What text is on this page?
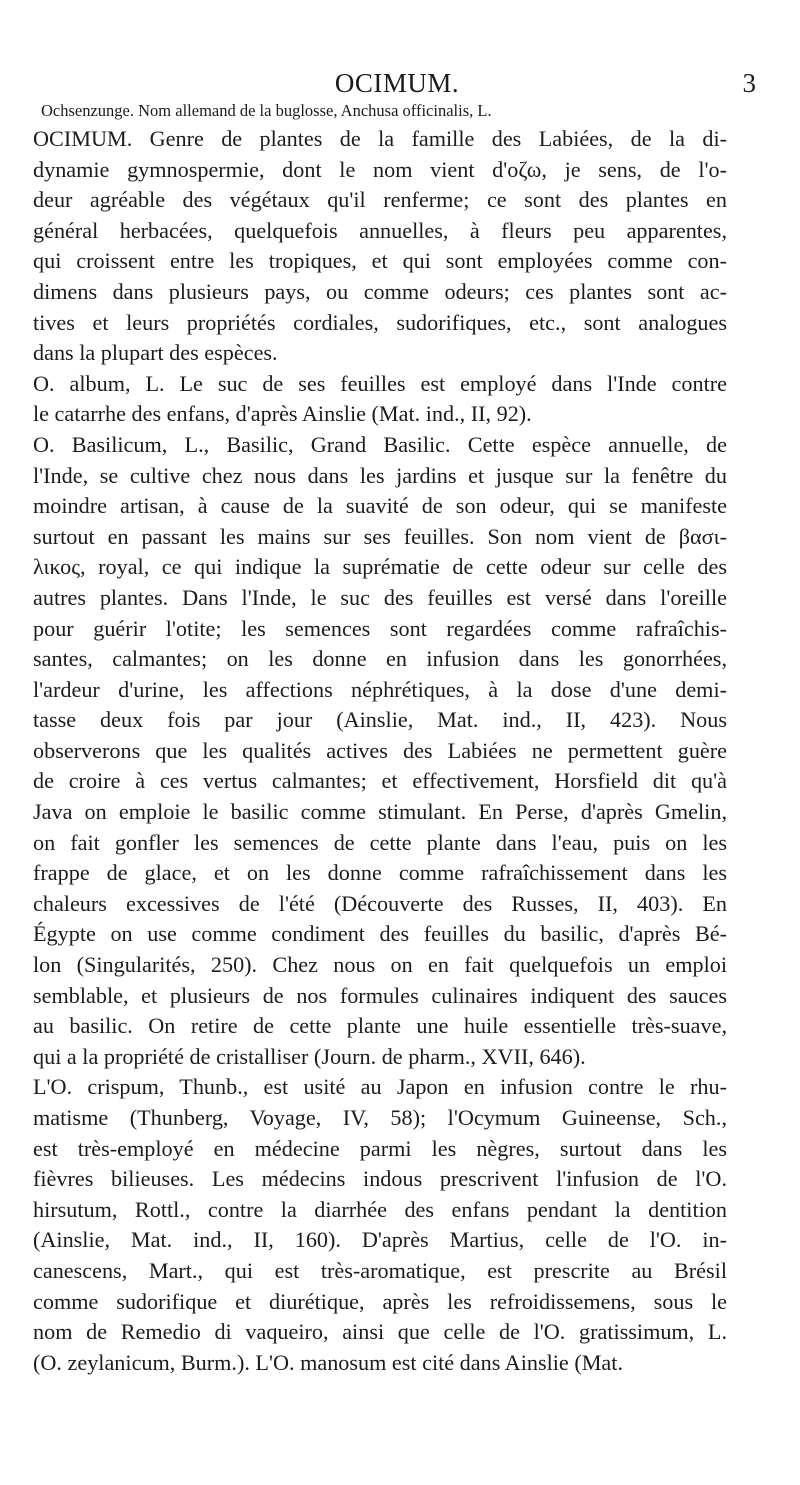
OCIMUM.	3
Ochsenzunge. Nom allemand de la buglosse, Anchusa officinalis, L.
OCIMUM. Genre de plantes de la famille des Labiées, de la di-
dynamie gymnospermie, dont le nom vient d'οζω, je sens, de l'o-
deur agréable des végétaux qu'il renferme; ce sont des plantes en
général herbacées, quelquefois annuelles, à fleurs peu apparentes,
qui croissent entre les tropiques, et qui sont employées comme con-
dimens dans plusieurs pays, ou comme odeurs; ces plantes sont ac-
tives et leurs propriétés cordiales, sudorifiques, etc., sont analogues
dans la plupart des espèces.
O. album, L. Le suc de ses feuilles est employé dans l'Inde contre
le catarrhe des enfans, d'après Ainslie (Mat. ind., II, 92).
O. Basilicum, L., Basilic, Grand Basilic. Cette espèce annuelle, de
l'Inde, se cultive chez nous dans les jardins et jusque sur la fenêtre du
moindre artisan, à cause de la suavité de son odeur, qui se manifeste
surtout en passant les mains sur ses feuilles. Son nom vient de βασι-
λικος, royal, ce qui indique la suprématie de cette odeur sur celle des
autres plantes. Dans l'Inde, le suc des feuilles est versé dans l'oreille
pour guérir l'otite; les semences sont regardées comme rafraîchis-
santes, calmantes; on les donne en infusion dans les gonorrhées,
l'ardeur d'urine, les affections néphrétiques, à la dose d'une demi-
tasse deux fois par jour (Ainslie, Mat. ind., II, 423). Nous
observerons que les qualités actives des Labiées ne permettent guère
de croire à ces vertus calmantes; et effectivement, Horsfield dit qu'à
Java on emploie le basilic comme stimulant. En Perse, d'après Gmelin,
on fait gonfler les semences de cette plante dans l'eau, puis on les
frappe de glace, et on les donne comme rafraîchissement dans les
chaleurs excessives de l'été (Découverte des Russes, II, 403). En
Égypte on use comme condiment des feuilles du basilic, d'après Bé-
lon (Singularités, 250). Chez nous on en fait quelquefois un emploi
semblable, et plusieurs de nos formules culinaires indiquent des sauces
au basilic. On retire de cette plante une huile essentielle très-suave,
qui a la propriété de cristalliser (Journ. de pharm., XVII, 646).
L'O. crispum, Thunb., est usité au Japon en infusion contre le rhu-
matisme (Thunberg, Voyage, IV, 58); l'Ocymum Guineense, Sch.,
est très-employé en médecine parmi les nègres, surtout dans les
fièvres bilieuses. Les médecins indous prescrivent l'infusion de l'O.
hirsutum, Rottl., contre la diarrhée des enfans pendant la dentition
(Ainslie, Mat. ind., II, 160). D'après Martius, celle de l'O. in-
canescens, Mart., qui est très-aromatique, est prescrite au Brésil
comme sudorifique et diurétique, après les refroidissemens, sous le
nom de Remedio di vaqueiro, ainsi que celle de l'O. gratissimum, L.
(O. zeylanicum, Burm.). L'O. manosum est cité dans Ainslie (Mat.
